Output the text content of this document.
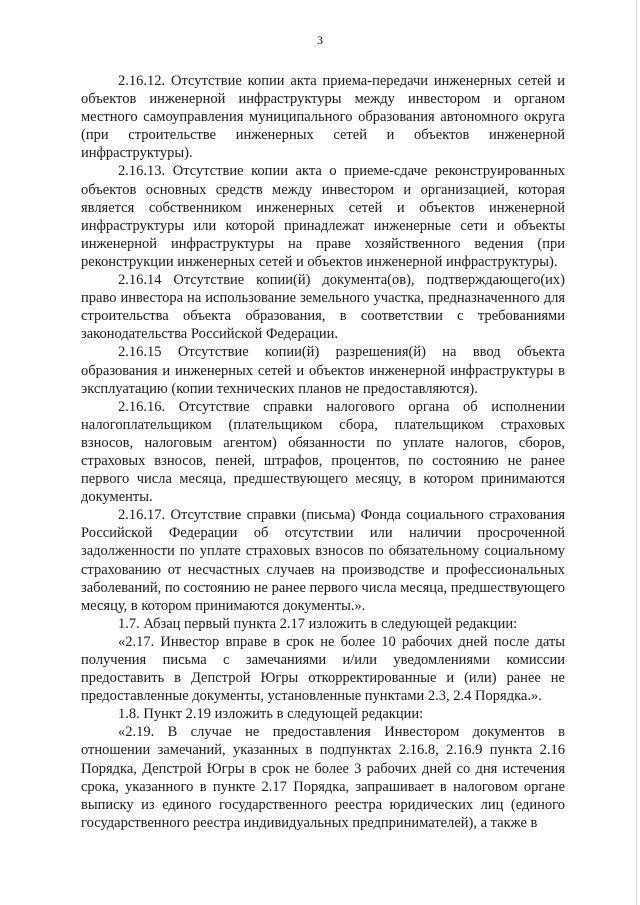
3

2.16.12. Отсутствие копии акта приема-передачи инженерных сетей и объектов инженерной инфраструктуры между инвестором и органом местного самоуправления муниципального образования автономного округа (при строительстве инженерных сетей и объектов инженерной инфраструктуры).

2.16.13. Отсутствие копии акта о приеме-сдаче реконструированных объектов основных средств между инвестором и организацией, которая является собственником инженерных сетей и объектов инженерной инфраструктуры или которой принадлежат инженерные сети и объекты инженерной инфраструктуры на праве хозяйственного ведения (при реконструкции инженерных сетей и объектов инженерной инфраструктуры).

2.16.14 Отсутствие копии(й) документа(ов), подтверждающего(их) право инвестора на использование земельного участка, предназначенного для строительства объекта образования, в соответствии с требованиями законодательства Российской Федерации.

2.16.15 Отсутствие копии(й) разрешения(й) на ввод объекта образования и инженерных сетей и объектов инженерной инфраструктуры в эксплуатацию (копии технических планов не предоставляются).

2.16.16. Отсутствие справки налогового органа об исполнении налогоплательщиком (плательщиком сбора, плательщиком страховых взносов, налоговым агентом) обязанности по уплате налогов, сборов, страховых взносов, пеней, штрафов, процентов, по состоянию не ранее первого числа месяца, предшествующего месяцу, в котором принимаются документы.

2.16.17. Отсутствие справки (письма) Фонда социального страхования Российской Федерации об отсутствии или наличии просроченной задолженности по уплате страховых взносов по обязательному социальному страхованию от несчастных случаев на производстве и профессиональных заболеваний, по состоянию не ранее первого числа месяца, предшествующего месяцу, в котором принимаются документы.».

1.7. Абзац первый пункта 2.17 изложить в следующей редакции:

«2.17. Инвестор вправе в срок не более 10 рабочих дней после даты получения письма с замечаниями и/или уведомлениями комиссии предоставить в Депстрой Югры откорректированные и (или) ранее не предоставленные документы, установленные пунктами 2.3, 2.4 Порядка.».

1.8. Пункт 2.19 изложить в следующей редакции:

«2.19. В случае не предоставления Инвестором документов в отношении замечаний, указанных в подпунктах 2.16.8, 2.16.9 пункта 2.16 Порядка, Депстрой Югры в срок не более 3 рабочих дней со дня истечения срока, указанного в пункте 2.17 Порядка, запрашивает в налоговом органе выписку из единого государственного реестра юридических лиц (единого государственного реестра индивидуальных предпринимателей), а также в
